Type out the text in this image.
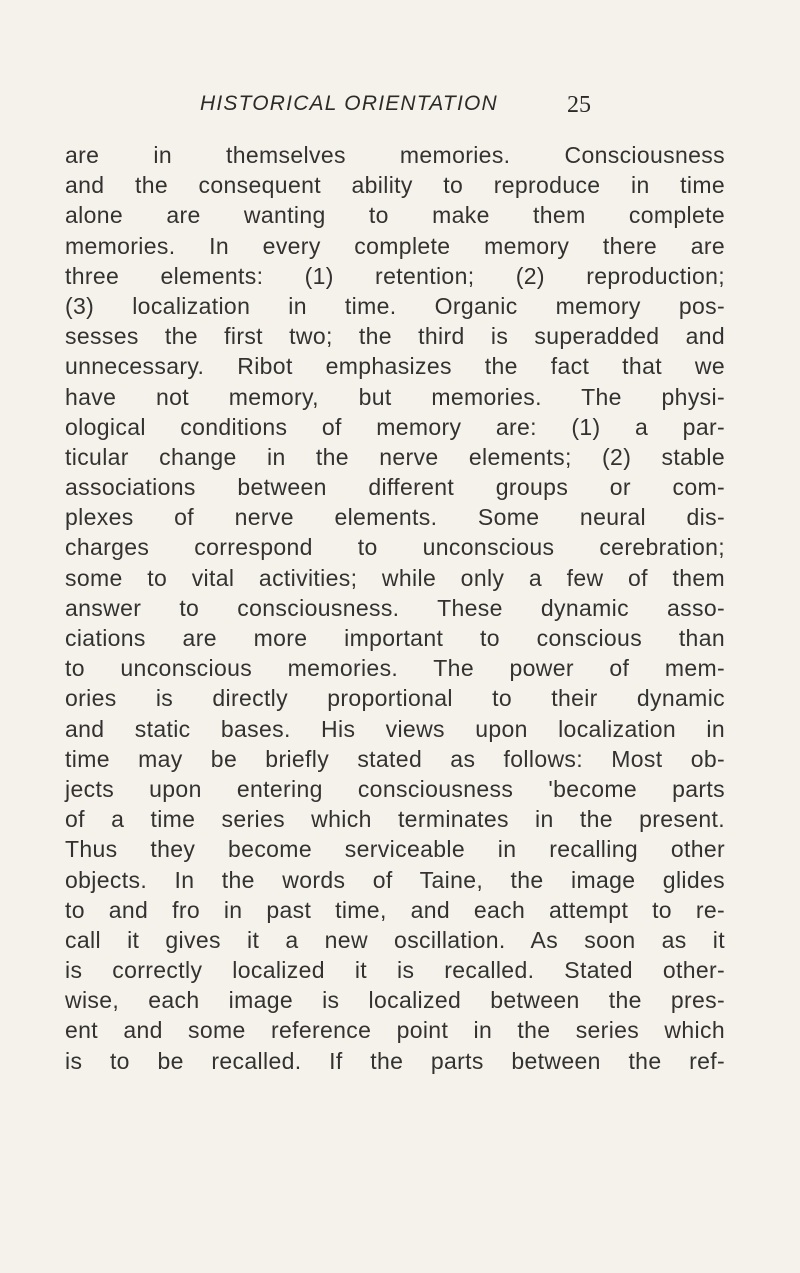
HISTORICAL ORIENTATION	25
are in themselves memories. Consciousness
and the consequent ability to reproduce in time
alone are wanting to make them complete
memories. In every complete memory there are
three elements: (1) retention; (2) reproduction;
(3) localization in time. Organic memory pos-
sesses the first two; the third is superadded and
unnecessary. Ribot emphasizes the fact that we
have not memory, but memories. The physi-
ological conditions of memory are: (1) a par-
ticular change in the nerve elements; (2) stable
associations between different groups or com-
plexes of nerve elements. Some neural dis-
charges correspond to unconscious cerebration;
some to vital activities; while only a few of them
answer to consciousness. These dynamic asso-
ciations are more important to conscious than
to unconscious memories. The power of mem-
ories is directly proportional to their dynamic
and static bases. His views upon localization in
time may be briefly stated as follows: Most ob-
jects upon entering consciousness 'become parts
of a time series which terminates in the present.
Thus they become serviceable in recalling other
objects. In the words of Taine, the image glides
to and fro in past time, and each attempt to re-
call it gives it a new oscillation. As soon as it
is correctly localized it is recalled. Stated other-
wise, each image is localized between the pres-
ent and some reference point in the series which
is to be recalled. If the parts between the ref-
